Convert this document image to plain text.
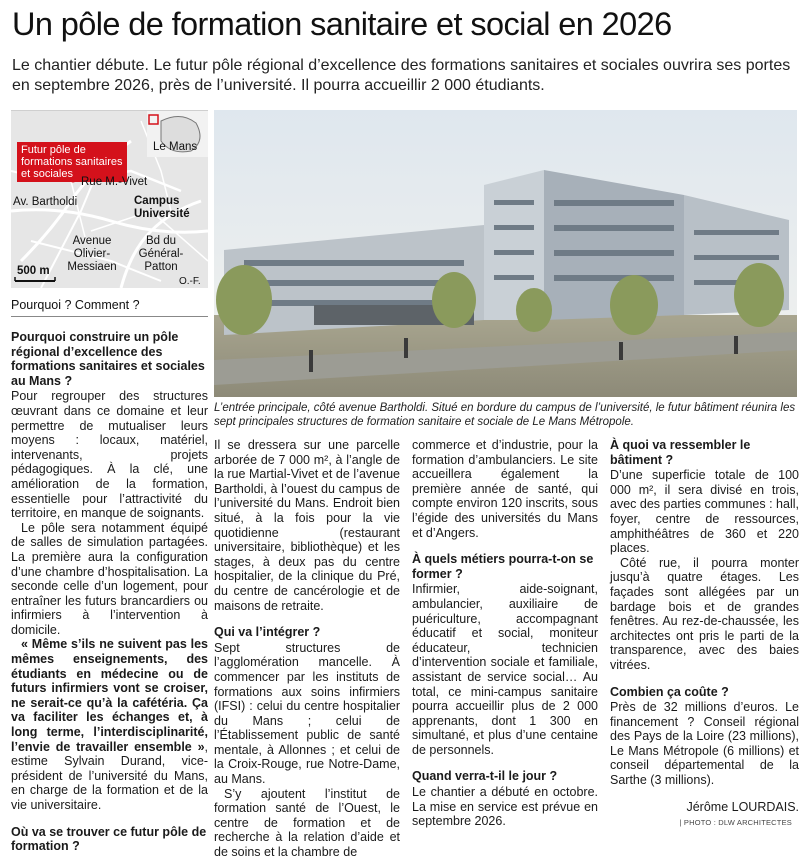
Un pôle de formation sanitaire et social en 2026
Le chantier débute. Le futur pôle régional d’excellence des formations sanitaires et sociales ouvrira ses portes en septembre 2026, près de l’université. Il pourra accueillir 2 000 étudiants.
Futur pôle de formations sanitaires et sociales
Le Mans
Rue M.-Vivet
Av. Bartholdi	Campus Université
Avenue Olivier-Messiaen
Bd du Général-Patton
500 m
O.-F.
L’entrée principale, côté avenue Bartholdi. Situé en bordure du campus de l’université, le futur bâtiment réunira les sept principales structures de formation sanitaire et sociale de Le Mans Métropole.
| PHOTO : DLW ARCHITECTES
Pourquoi ? Comment ?
Pourquoi construire un pôle régional d’excellence des formations sanitaires et sociales au Mans ?

Pour regrouper des structures œuvrant dans ce domaine et leur permettre de mutualiser leurs moyens : locaux, matériel, intervenants, projets pédagogiques. À la clé, une amélioration de la formation, essentielle pour l’attractivité du territoire, en manque de soignants.

Le pôle sera notamment équipé de salles de simulation partagées. La première aura la configuration d’une chambre d’hospitalisation. La seconde celle d’un logement, pour entraîner les futurs brancardiers ou infirmiers à l’intervention à domicile.

« Même s’ils ne suivent pas les mêmes enseignements, des étudiants en médecine ou de futurs infirmiers vont se croiser, ne serait-ce qu’à la cafétéria. Ça va faciliter les échanges et, à long terme, l’interdisciplinarité, l’envie de travailler ensemble », estime Sylvain Durand, vice-président de l’université du Mans, en charge de la formation et de la vie universitaire.

Où va se trouver ce futur pôle de formation ?

Il se dressera sur une parcelle arborée de 7 000 m², à l’angle de la rue Martial-Vivet et de l’avenue Bartholdi, à l’ouest du campus de l’université du Mans. Endroit bien situé, à la fois pour la vie quotidienne (restaurant universitaire, bibliothèque) et les stages, à deux pas du centre hospitalier, de la clinique du Pré, du centre de cancérologie et de maisons de retraite.

Qui va l’intégrer ?

Sept structures de l’agglomération mancelle. À commencer par les instituts de formations aux soins infirmiers (IFSI) : celui du centre hospitalier du Mans ; celui de l’Établissement public de santé mentale, à Allonnes ; et celui de la Croix-Rouge, rue Notre-Dame, au Mans.

S’y ajoutent l’institut de formation santé de l’Ouest, le centre de formation et de recherche à la relation d’aide et de soins et la chambre de

commerce et d’industrie, pour la formation d’ambulanciers. Le site accueillera également la première année de santé, qui compte environ 120 inscrits, sous l’égide des universités du Mans et d’Angers.

À quels métiers pourra-t-on se former ?

Infirmier, aide-soignant, ambulancier, auxiliaire de puériculture, accompagnant éducatif et social, moniteur éducateur, technicien d’intervention sociale et familiale, assistant de service social… Au total, ce mini-campus sanitaire pourra accueillir plus de 2 000 apprenants, dont 1 300 en simultané, et plus d’une centaine de personnels.

Quand verra-t-il le jour ?

Le chantier a débuté en octobre. La mise en service est prévue en septembre 2026.

À quoi va ressembler le bâtiment ?

D’une superficie totale de 100 000 m², il sera divisé en trois, avec des parties communes : hall, foyer, centre de ressources, amphithéâtres de 360 et 220 places.

Côté rue, il pourra monter jusqu’à quatre étages. Les façades sont allégées par un bardage bois et de grandes fenêtres. Au rez-de-chaussée, les architectes ont pris le parti de la transparence, avec des baies vitrées.

Combien ça coûte ?

Près de 32 millions d’euros. Le financement ? Conseil régional des Pays de la Loire (23 millions), Le Mans Métropole (6 millions) et conseil départemental de la Sarthe (3 millions).

Jérôme LOURDAIS.
